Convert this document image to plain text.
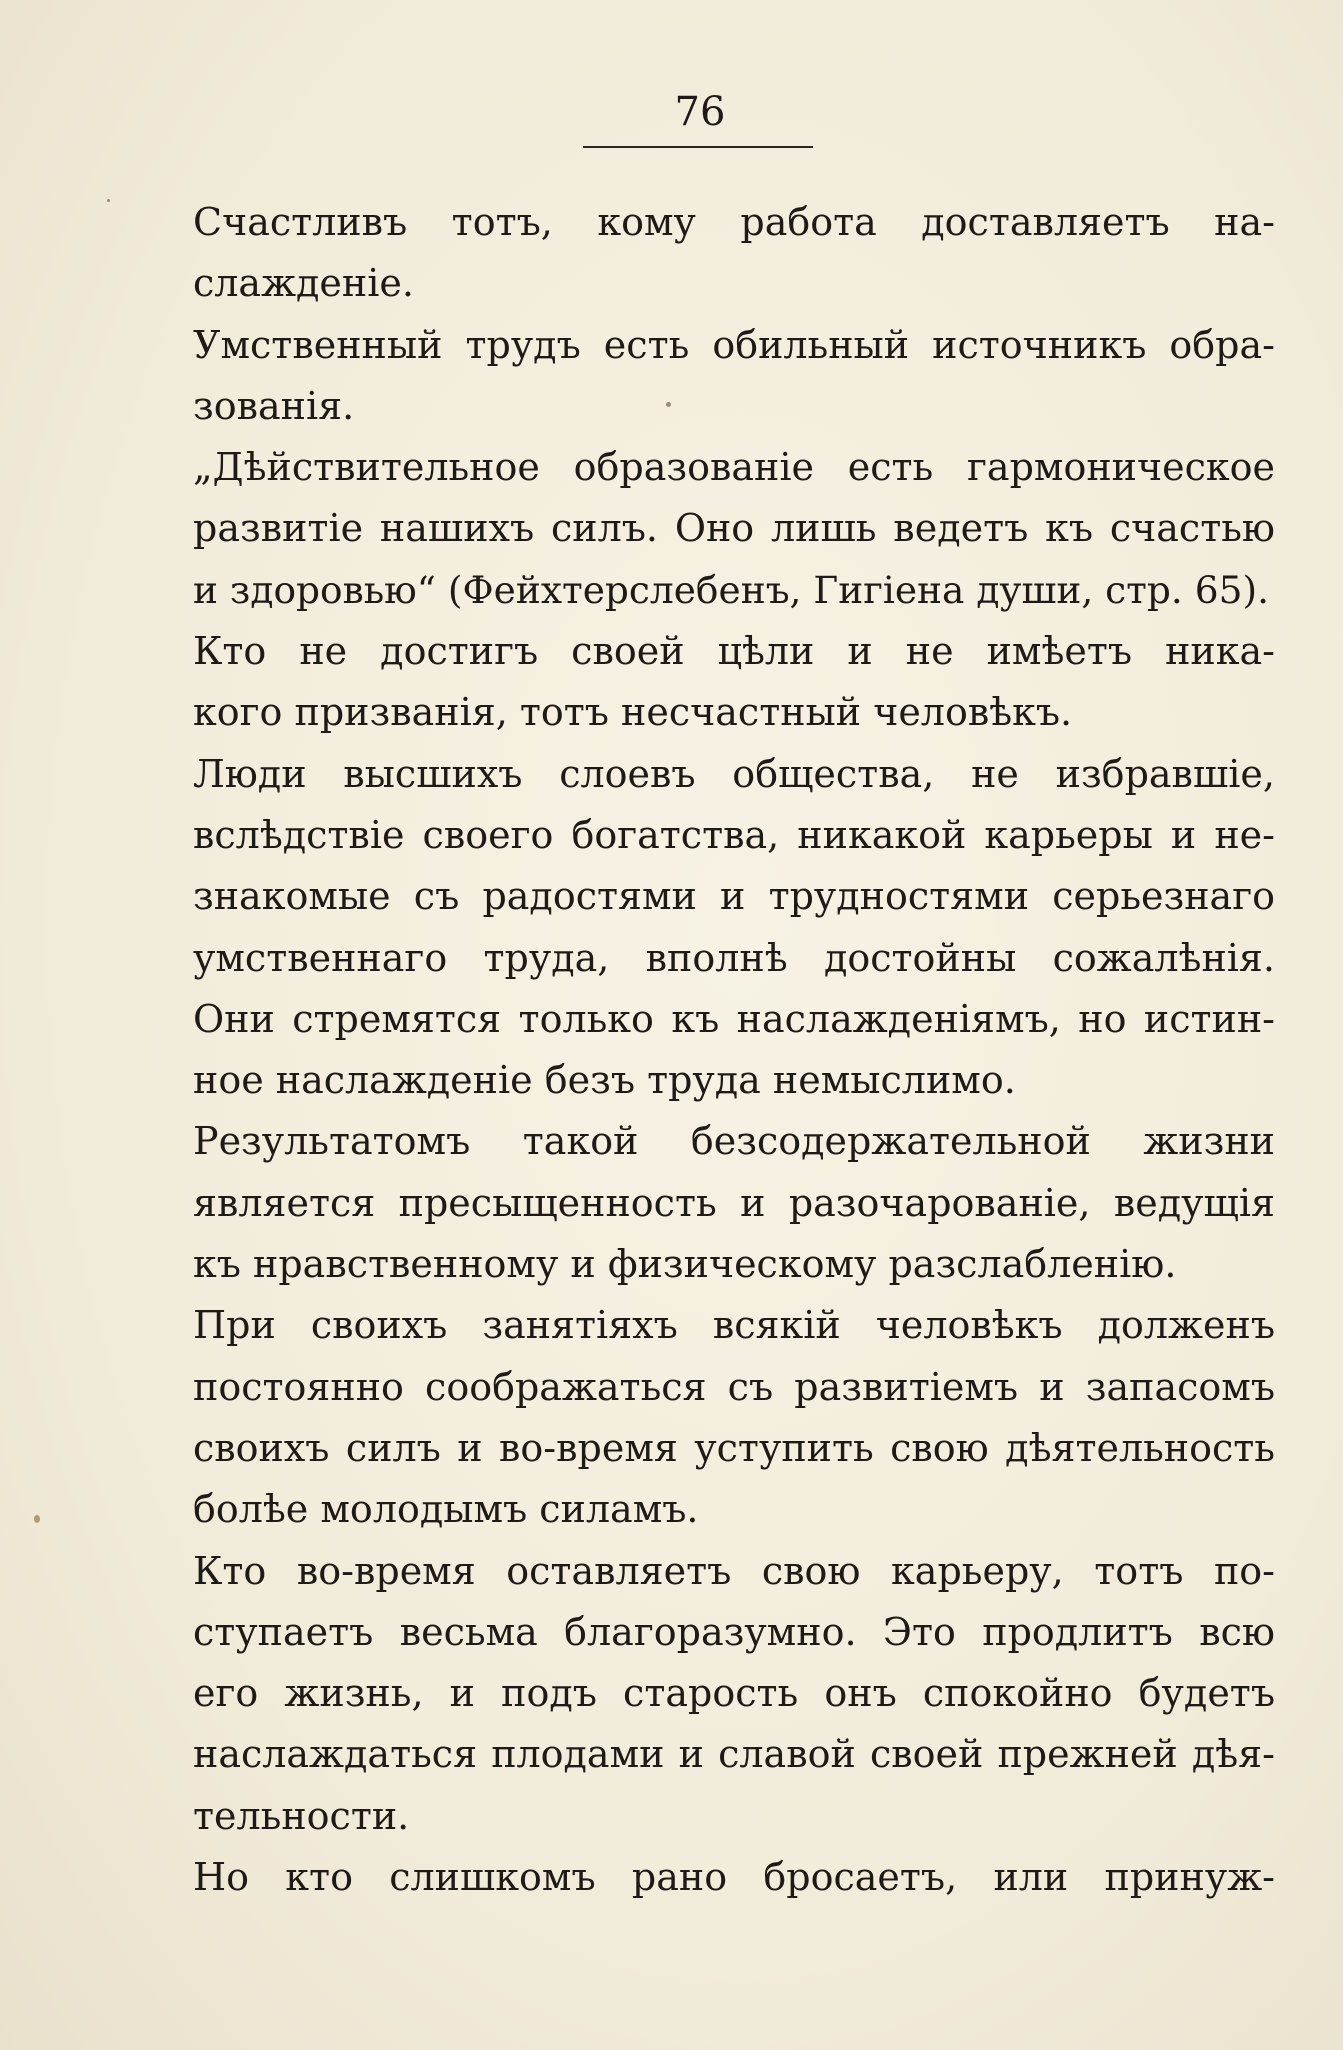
76
Счастливъ тотъ, кому работа доставляетъ на-
слажденіе.
Умственный трудъ есть обильный источникъ обра-
зованія.
„Дѣйствительное образованіе есть гармоническое
развитіе нашихъ силъ. Оно лишь ведетъ къ счастью
и здоровью“ (Фейхтерслебенъ, Гигіена души, стр. 65).
Кто не достигъ своей цѣли и не имѣетъ ника-
кого призванія, тотъ несчастный человѣкъ.
Люди высшихъ слоевъ общества, не избравшіе,
вслѣдствіе своего богатства, никакой карьеры и не-
знакомые съ радостями и трудностями серьезнаго
умственнаго труда, вполнѣ достойны сожалѣнія.
Они стремятся только къ наслажденіямъ, но истин-
ное наслажденіе безъ труда немыслимо.
Результатомъ такой безсодержательной жизни
является пресыщенность и разочарованіе, ведущія
къ нравственному и физическому разслабленію.
При своихъ занятіяхъ всякій человѣкъ долженъ
постоянно соображаться съ развитіемъ и запасомъ
своихъ силъ и во-время уступить свою дѣятельность
болѣе молодымъ силамъ.
Кто во-время оставляетъ свою карьеру, тотъ по-
ступаетъ весьма благоразумно. Это продлитъ всю
его жизнь, и подъ старость онъ спокойно будетъ
наслаждаться плодами и славой своей прежней дѣя-
тельности.
Но кто слишкомъ рано бросаетъ, или принуж-
